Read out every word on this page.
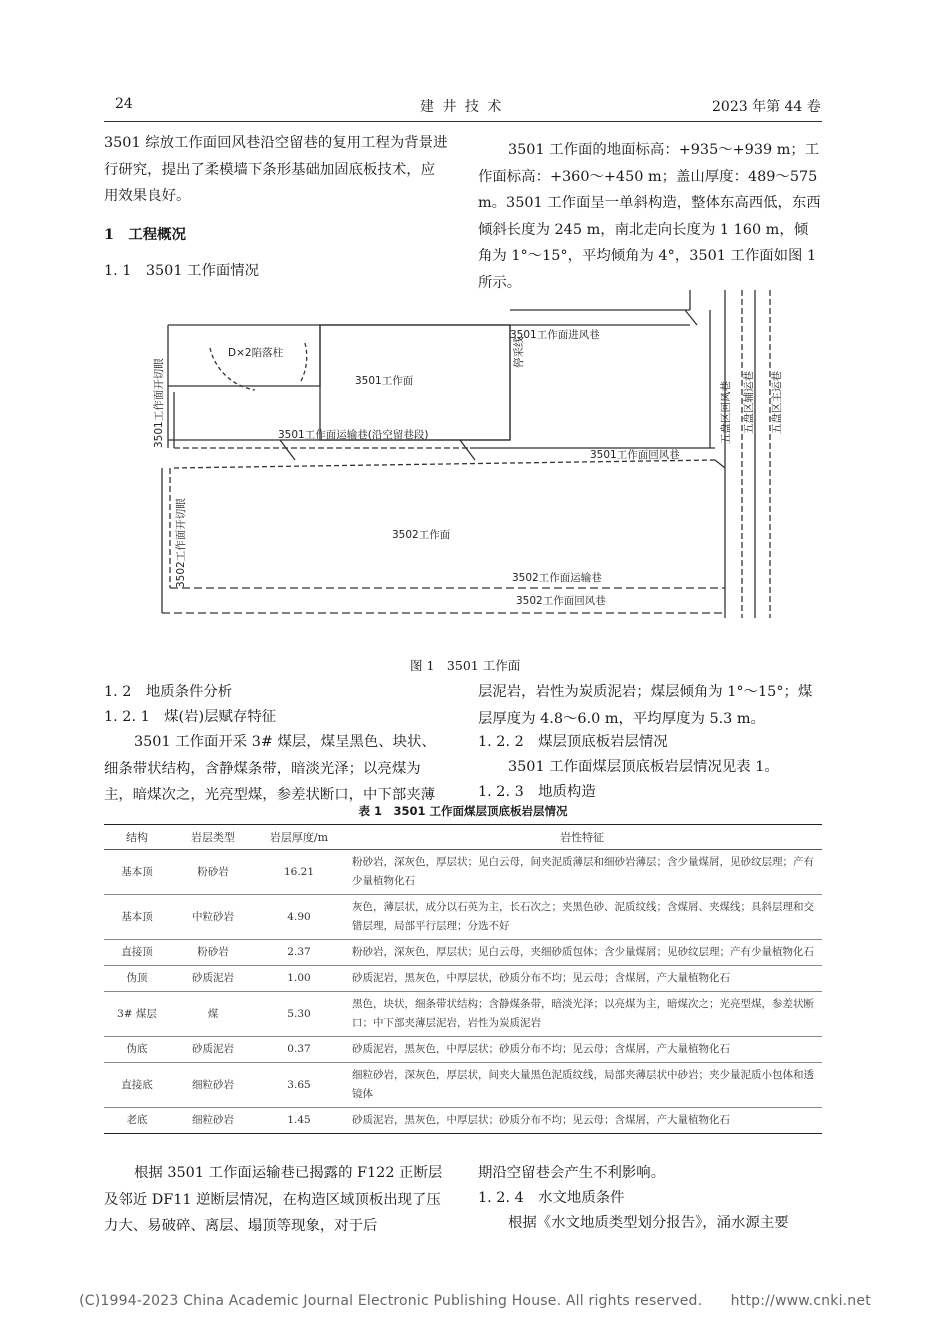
24	建 井 技 术	2023 年第 44 卷
3501 综放工作面回风巷沿空留巷的复用工程为背景进行研究，提出了柔模墙下条形基础加固底板技术，应用效果良好。
1　工程概况
1. 1　3501 工作面情况
3501 工作面的地面标高：+935～+939 m；工作面标高：+360～+450 m；盖山厚度：489～575 m。3501 工作面呈一单斜构造，整体东高西低，东西倾斜长度为 245 m，南北走向长度为 1 160 m，倾角为 1°～15°，平均倾角为 4°，3501 工作面如图 1 所示。
D×2陷落柱
3501工作面
3501工作面进风巷
3501工作面运输巷(沿空留巷段)
3501工作面回风巷
3502工作面
3502工作面运输巷
3502工作面回风巷
停采线
3501工作面开切眼
3502工作面开切眼
五盘区回风巷 五盘区辅运巷 五盘区主运巷
图 1　3501 工作面
1. 2　地质条件分析
1. 2. 1　煤(岩)层赋存特征
3501 工作面开采 3# 煤层，煤呈黑色、块状、细条带状结构，含静煤条带，暗淡光泽；以亮煤为主，暗煤次之，光亮型煤，参差状断口，中下部夹薄
层泥岩，岩性为炭质泥岩；煤层倾角为 1°～15°；煤层厚度为 4.8～6.0 m，平均厚度为 5.3 m。
1. 2. 2　煤层顶底板岩层情况
3501 工作面煤层顶底板岩层情况见表 1。
1. 2. 3　地质构造
表 1　3501 工作面煤层顶底板岩层情况
结构	岩层类型	岩层厚度/m	岩性特征
基本顶	粉砂岩	16.21	粉砂岩，深灰色，厚层状；见白云母，间夹泥质薄层和细砂岩薄层；含少量煤屑，见砂纹层理；产有少量植物化石
基本顶	中粒砂岩	4.90	灰色，薄层状，成分以石英为主，长石次之；夹黑色砂、泥质纹线；含煤屑、夹煤线；具斜层理和交错层理，局部平行层理；分选不好
直接顶	粉砂岩	2.37	粉砂岩，深灰色，厚层状；见白云母，夹细砂质包体；含少量煤屑；见砂纹层理；产有少量植物化石
伪顶	砂质泥岩	1.00	砂质泥岩，黑灰色，中厚层状，砂质分布不均；见云母；含煤屑，产大量植物化石
3# 煤层	煤	5.30	黑色，块状，细条带状结构；含静煤条带，暗淡光泽；以亮煤为主，暗煤次之；光亮型煤，参差状断口；中下部夹薄层泥岩，岩性为炭质泥岩
伪底	砂质泥岩	0.37	砂质泥岩，黑灰色，中厚层状；砂质分布不均；见云母；含煤屑，产大量植物化石
直接底	细粒砂岩	3.65	细粒砂岩，深灰色，厚层状，间夹大量黑色泥质纹线，局部夹薄层状中砂岩；夹少量泥质小包体和透镜体
老底	细粒砂岩	1.45	砂质泥岩，黑灰色，中厚层状；砂质分布不均；见云母；含煤屑，产大量植物化石
根据 3501 工作面运输巷已揭露的 F122 正断层及邻近 DF11 逆断层情况，在构造区域顶板出现了压力大、易破碎、离层、塌顶等现象，对于后
期沿空留巷会产生不利影响。
1. 2. 4　水文地质条件
根据《水文地质类型划分报告》，涌水源主要
(C)1994-2023 China Academic Journal Electronic Publishing House. All rights reserved.　　http://www.cnki.net
